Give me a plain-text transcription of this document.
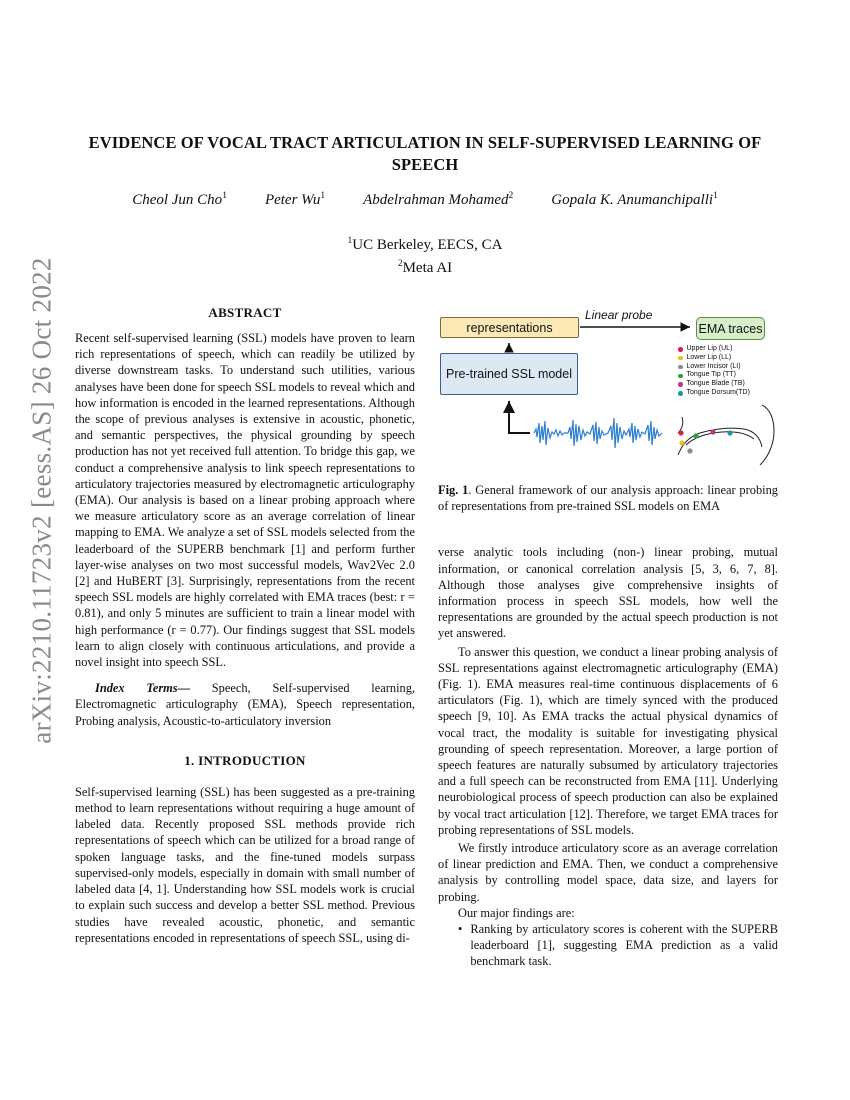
arXiv:2210.11723v2 [eess.AS] 26 Oct 2022
EVIDENCE OF VOCAL TRACT ARTICULATION IN SELF-SUPERVISED LEARNING OF SPEECH
Cheol Jun Cho$^1$	Peter Wu$^1$	Abdelrahman Mohamed$^2$	Gopala K. Anumanchipalli$^1$
$^1$UC Berkeley, EECS, CA
$^2$Meta AI
ABSTRACT

Recent self-supervised learning (SSL) models have proven to learn rich representations of speech, which can readily be utilized by diverse downstream tasks. To understand such utilities, various analyses have been done for speech SSL models to reveal which and how information is encoded in the learned representations. Although the scope of previous analyses is extensive in acoustic, phonetic, and semantic perspectives, the physical grounding by speech production has not yet received full attention. To bridge this gap, we conduct a comprehensive analysis to link speech representations to articulatory trajectories measured by electromagnetic articulography (EMA). Our analysis is based on a linear probing approach where we measure articulatory score as an average correlation of linear mapping to EMA. We analyze a set of SSL models selected from the leaderboard of the SUPERB benchmark [1] and perform further layer-wise analyses on two most successful models, Wav2Vec 2.0 [2] and HuBERT [3]. Surprisingly, representations from the recent speech SSL models are highly correlated with EMA traces (best: r = 0.81), and only 5 minutes are sufficient to train a linear model with high performance (r = 0.77). Our findings suggest that SSL models learn to align closely with continuous articulations, and provide a novel insight into speech SSL.

Index Terms— Speech, Self-supervised learning, Electromagnetic articulography (EMA), Speech representation, Probing analysis, Acoustic-to-articulatory inversion

1. INTRODUCTION

Self-supervised learning (SSL) has been suggested as a pre-training method to learn representations without requiring a huge amount of labeled data. Recently proposed SSL methods provide rich representations of speech which can be utilized for a broad range of spoken language tasks, and the fine-tuned models surpass supervised-only models, especially in domain with small number of labeled data [4, 1]. Understanding how SSL models work is crucial to explain such success and develop a better SSL method. Previous studies have revealed acoustic, phonetic, and semantic representations encoded in representations of speech SSL, using di-

representations
Pre-trained SSL model
EMA traces
Linear probe
Upper Lip (UL)
Lower Lip (LL)
Lower Incisor (LI)
Tongue Tip (TT)
Tongue Blade (TB)
Tongue Dorsum(TD)

Fig. 1. General framework of our analysis approach: linear probing of representations from pre-trained SSL models on EMA

verse analytic tools including (non-) linear probing, mutual information, or canonical correlation analysis [5, 3, 6, 7, 8]. Although those analyses give comprehensive insights of information process in speech SSL models, how well the representations are grounded by the actual speech production is not yet answered.

To answer this question, we conduct a linear probing analysis of SSL representations against electromagnetic articulography (EMA) (Fig. 1). EMA measures real-time continuous displacements of 6 articulators (Fig. 1), which are timely synced with the produced speech [9, 10]. As EMA tracks the actual physical dynamics of vocal tract, the modality is suitable for investigating physical grounding of speech representation. Moreover, a large portion of speech features are naturally subsumed by articulatory trajectories and a full speech can be reconstructed from EMA [11]. Underlying neurobiological process of speech production can also be explained by vocal tract articulation [12]. Therefore, we target EMA traces for probing representations of SSL models.

We firstly introduce articulatory score as an average correlation of linear prediction and EMA. Then, we conduct a comprehensive analysis by controlling model space, data size, and layers for probing.

Our major findings are:

• Ranking by articulatory scores is coherent with the SUPERB leaderboard [1], suggesting EMA prediction as a valid benchmark task.
